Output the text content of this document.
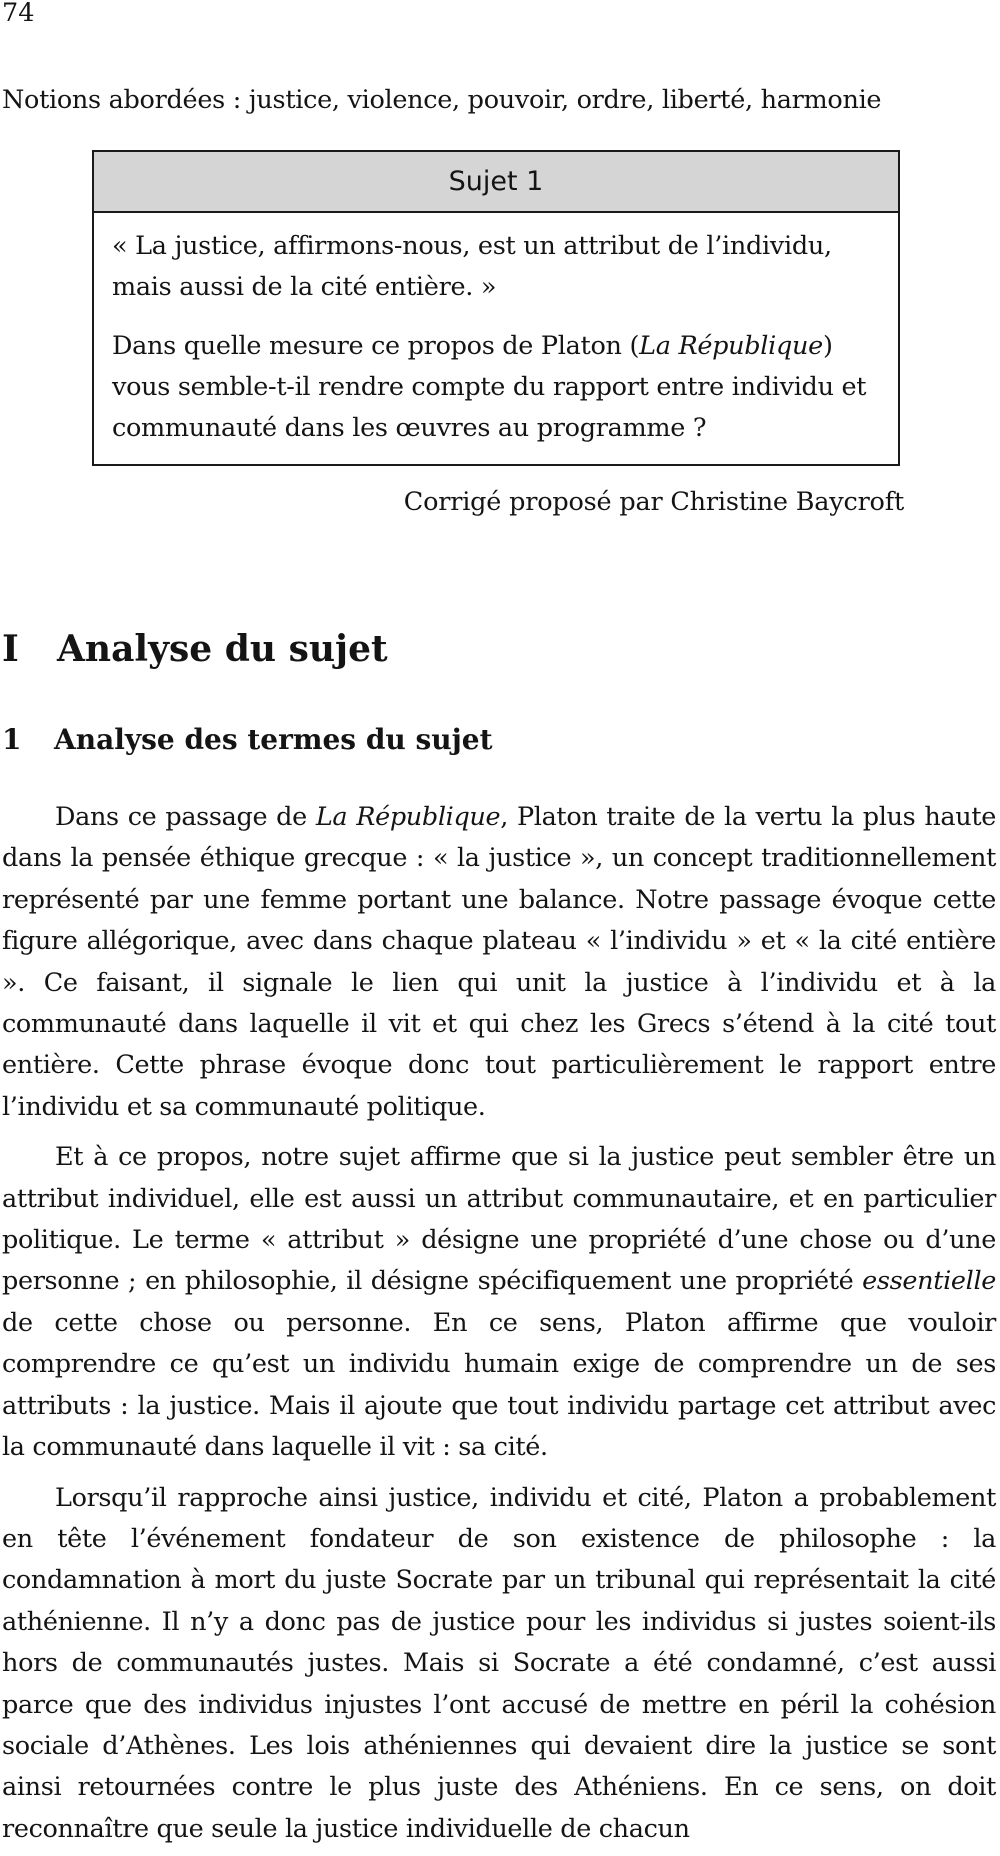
74
Notions abordées : justice, violence, pouvoir, ordre, liberté, harmonie
Sujet 1

« La justice, affirmons-nous, est un attribut de l’individu, mais aussi de la cité entière. »

Dans quelle mesure ce propos de Platon (La République) vous semble-t-il rendre compte du rapport entre individu et communauté dans les œuvres au programme ?

Corrigé proposé par Christine Baycroft
I Analyse du sujet
1 Analyse des termes du sujet

Dans ce passage de La République, Platon traite de la vertu la plus haute dans la pensée éthique grecque : « la justice », un concept traditionnellement représenté par une femme portant une balance. Notre passage évoque cette figure allégorique, avec dans chaque plateau « l’individu » et « la cité entière ». Ce faisant, il signale le lien qui unit la justice à l’individu et à la communauté dans laquelle il vit et qui chez les Grecs s’étend à la cité tout entière. Cette phrase évoque donc tout particulièrement le rapport entre l’individu et sa communauté politique.

Et à ce propos, notre sujet affirme que si la justice peut sembler être un attribut individuel, elle est aussi un attribut communautaire, et en particulier politique. Le terme « attribut » désigne une propriété d’une chose ou d’une personne ; en philosophie, il désigne spécifiquement une propriété essentielle de cette chose ou personne. En ce sens, Platon affirme que vouloir comprendre ce qu’est un individu humain exige de comprendre un de ses attributs : la justice. Mais il ajoute que tout individu partage cet attribut avec la communauté dans laquelle il vit : sa cité.

Lorsqu’il rapproche ainsi justice, individu et cité, Platon a probablement en tête l’événement fondateur de son existence de philosophe : la condamnation à mort du juste Socrate par un tribunal qui représentait la cité athénienne. Il n’y a donc pas de justice pour les individus si justes soient-ils hors de communautés justes. Mais si Socrate a été condamné, c’est aussi parce que des individus injustes l’ont accusé de mettre en péril la cohésion sociale d’Athènes. Les lois athéniennes qui devaient dire la justice se sont ainsi retournées contre le plus juste des Athéniens. En ce sens, on doit reconnaître que seule la justice individuelle de chacun
